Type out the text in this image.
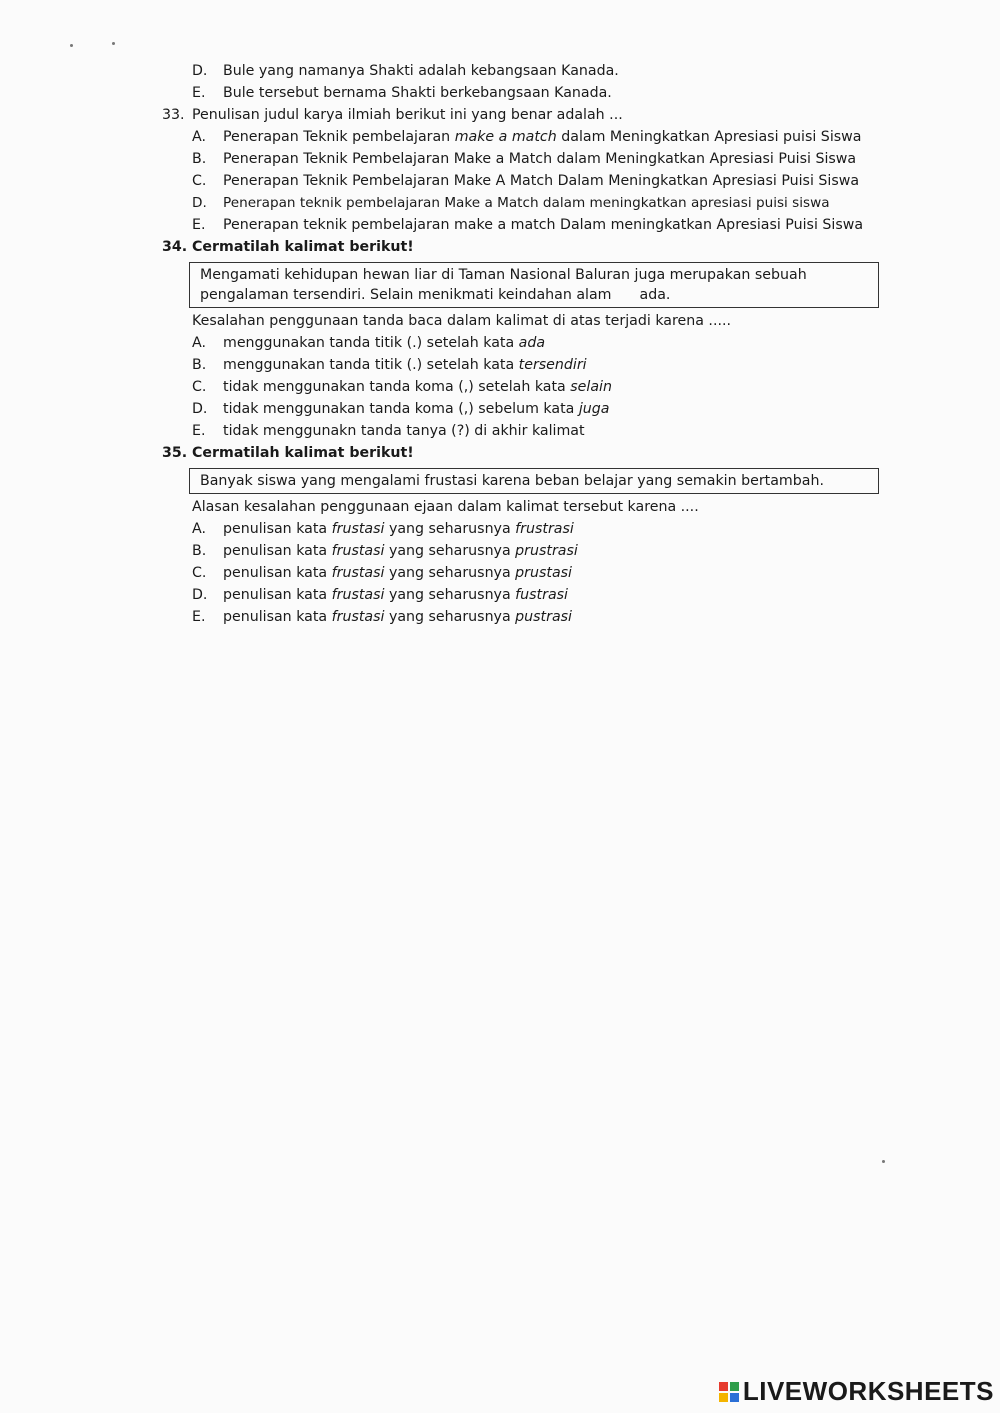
D. Bule yang namanya Shakti adalah kebangsaan Kanada.
E. Bule tersebut bernama Shakti berkebangsaan Kanada.
33. Penulisan judul karya ilmiah berikut ini yang benar adalah ...
A. Penerapan Teknik pembelajaran make a match dalam Meningkatkan Apresiasi puisi Siswa
B. Penerapan Teknik Pembelajaran Make a Match dalam Meningkatkan Apresiasi Puisi Siswa
C. Penerapan Teknik Pembelajaran Make A Match Dalam Meningkatkan Apresiasi Puisi Siswa
D. Penerapan teknik pembelajaran Make a Match dalam meningkatkan apresiasi puisi siswa
E. Penerapan teknik pembelajaran make a match Dalam meningkatkan Apresiasi Puisi Siswa
34. Cermatilah kalimat berikut!
Mengamati kehidupan hewan liar di Taman Nasional Baluran juga merupakan sebuah pengalaman tersendiri. Selain menikmati keindahan alam ada.
Kesalahan penggunaan tanda baca dalam kalimat di atas terjadi karena .....
A. menggunakan tanda titik (.) setelah kata ada
B. menggunakan tanda titik (.) setelah kata tersendiri
C. tidak menggunakan tanda koma (,) setelah kata selain
D. tidak menggunakan tanda koma (,) sebelum kata juga
E. tidak menggunakn tanda tanya (?) di akhir kalimat
35. Cermatilah kalimat berikut!
Banyak siswa yang mengalami frustasi karena beban belajar yang semakin bertambah.
Alasan kesalahan penggunaan ejaan dalam kalimat tersebut karena ....
A. penulisan kata frustasi yang seharusnya frustrasi
B. penulisan kata frustasi yang seharusnya prustrasi
C. penulisan kata frustasi yang seharusnya prustasi
D. penulisan kata frustasi yang seharusnya fustrasi
E. penulisan kata frustasi yang seharusnya pustrasi
LIVEWORKSHEETS
